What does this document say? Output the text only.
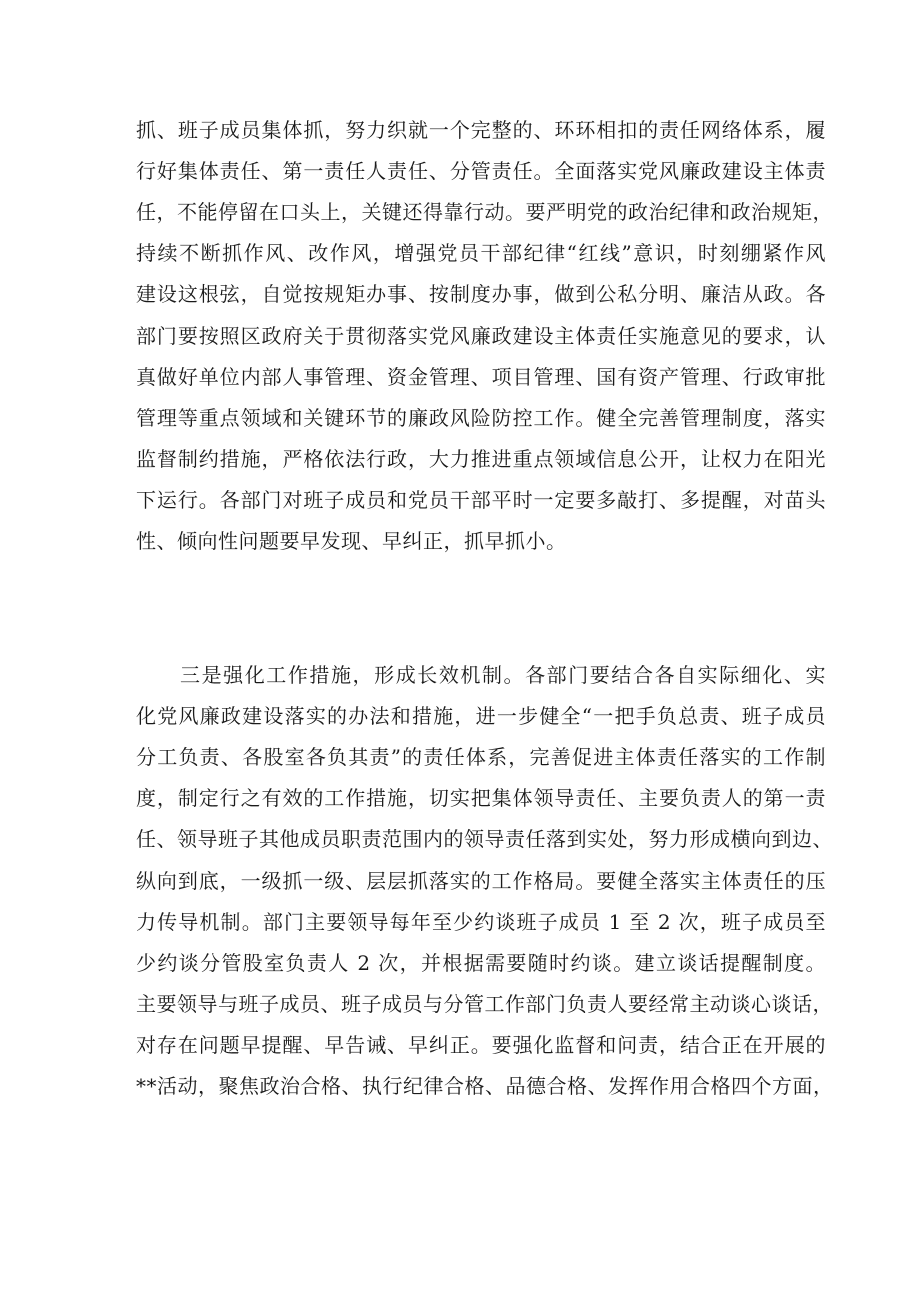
抓、班子成员集体抓，努力织就一个完整的、环环相扣的责任网络体系，履
行好集体责任、第一责任人责任、分管责任。全面落实党风廉政建设主体责
任，不能停留在口头上，关键还得靠行动。要严明党的政治纪律和政治规矩，
持续不断抓作风、改作风，增强党员干部纪律“红线”意识，时刻绷紧作风
建设这根弦，自觉按规矩办事、按制度办事，做到公私分明、廉洁从政。各
部门要按照区政府关于贯彻落实党风廉政建设主体责任实施意见的要求，认
真做好单位内部人事管理、资金管理、项目管理、国有资产管理、行政审批
管理等重点领域和关键环节的廉政风险防控工作。健全完善管理制度，落实
监督制约措施，严格依法行政，大力推进重点领域信息公开，让权力在阳光
下运行。各部门对班子成员和党员干部平时一定要多敲打、多提醒，对苗头
性、倾向性问题要早发现、早纠正，抓早抓小。
三是强化工作措施，形成长效机制。各部门要结合各自实际细化、实
化党风廉政建设落实的办法和措施，进一步健全“一把手负总责、班子成员
分工负责、各股室各负其责”的责任体系，完善促进主体责任落实的工作制
度，制定行之有效的工作措施，切实把集体领导责任、主要负责人的第一责
任、领导班子其他成员职责范围内的领导责任落到实处，努力形成横向到边、
纵向到底，一级抓一级、层层抓落实的工作格局。要健全落实主体责任的压
力传导机制。部门主要领导每年至少约谈班子成员 1 至 2 次，班子成员至
少约谈分管股室负责人 2 次，并根据需要随时约谈。建立谈话提醒制度。
主要领导与班子成员、班子成员与分管工作部门负责人要经常主动谈心谈话，
对存在问题早提醒、早告诫、早纠正。要强化监督和问责，结合正在开展的
**活动，聚焦政治合格、执行纪律合格、品德合格、发挥作用合格四个方面，
